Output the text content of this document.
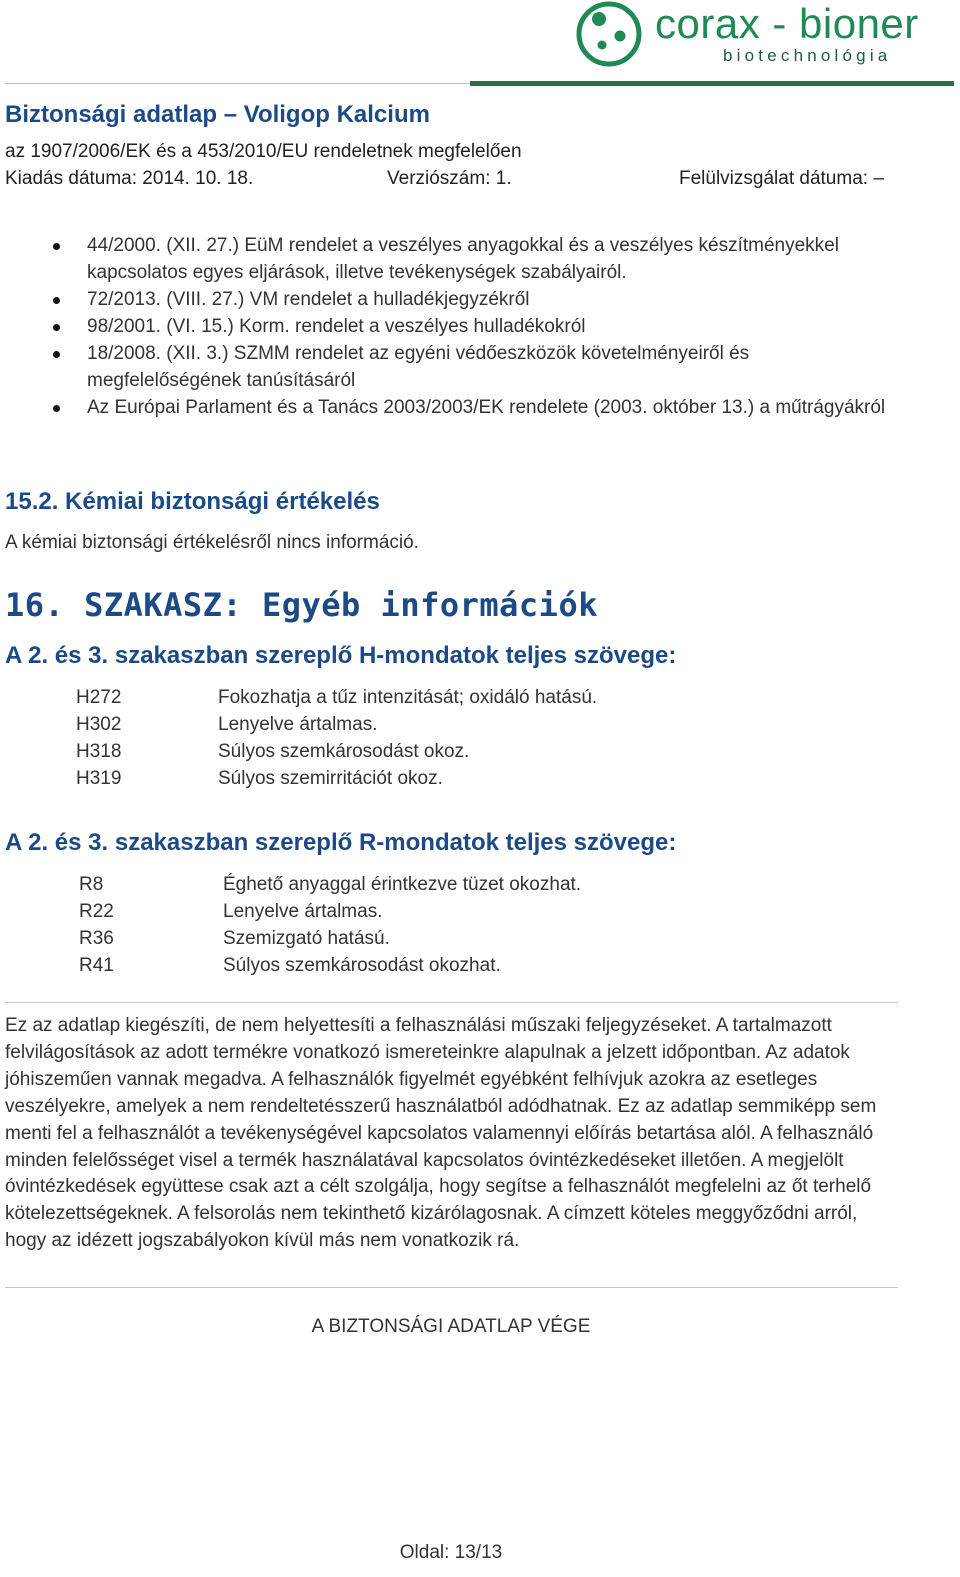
corax - bioner
biotechnológia
Biztonsági adatlap – Voligop Kalcium
az 1907/2006/EK és a 453/2010/EU rendeletnek megfelelően
Kiadás dátuma: 2014. 10. 18.	Verziószám: 1.	Felülvizsgálat dátuma: –
44/2000. (XII. 27.) EüM rendelet a veszélyes anyagokkal és a veszélyes készítményekkel kapcsolatos egyes eljárások, illetve tevékenységek szabályairól.
72/2013. (VIII. 27.) VM rendelet a hulladékjegyzékről
98/2001. (VI. 15.) Korm. rendelet a veszélyes hulladékokról
18/2008. (XII. 3.) SZMM rendelet az egyéni védőeszközök követelményeiről és megfelelőségének tanúsításáról
Az Európai Parlament és a Tanács 2003/2003/EK rendelete (2003. október 13.) a műtrágyákról
15.2. Kémiai biztonsági értékelés
A kémiai biztonsági értékelésről nincs információ.
16. SZAKASZ: Egyéb információk
A 2. és 3. szakaszban szereplő H-mondatok teljes szövege:
H272	Fokozhatja a tűz intenzitását; oxidáló hatású.
H302	Lenyelve ártalmas.
H318	Súlyos szemkárosodást okoz.
H319	Súlyos szemirritációt okoz.
A 2. és 3. szakaszban szereplő R-mondatok teljes szövege:
R8	Éghető anyaggal érintkezve tüzet okozhat.
R22	Lenyelve ártalmas.
R36	Szemizgató hatású.
R41	Súlyos szemkárosodást okozhat.

Ez az adatlap kiegészíti, de nem helyettesíti a felhasználási műszaki feljegyzéseket. A tartalmazott felvilágosítások az adott termékre vonatkozó ismereteinkre alapulnak a jelzett időpontban. Az adatok jóhiszeműen vannak megadva. A felhasználók figyelmét egyébként felhívjuk azokra az esetleges veszélyekre, amelyek a nem rendeltetésszerű használatból adódhatnak. Ez az adatlap semmiképp sem menti fel a felhasználót a tevékenységével kapcsolatos valamennyi előírás betartása alól. A felhasználó minden felelősséget visel a termék használatával kapcsolatos óvintézkedéseket illetően. A megjelölt óvintézkedések együttese csak azt a célt szolgálja, hogy segítse a felhasználót megfelelni az őt terhelő kötelezettségeknek. A felsorolás nem tekinthető kizárólagosnak. A címzett köteles meggyőződni arról, hogy az idézett jogszabályokon kívül más nem vonatkozik rá.

A BIZTONSÁGI ADATLAP VÉGE
Oldal: 13/13
